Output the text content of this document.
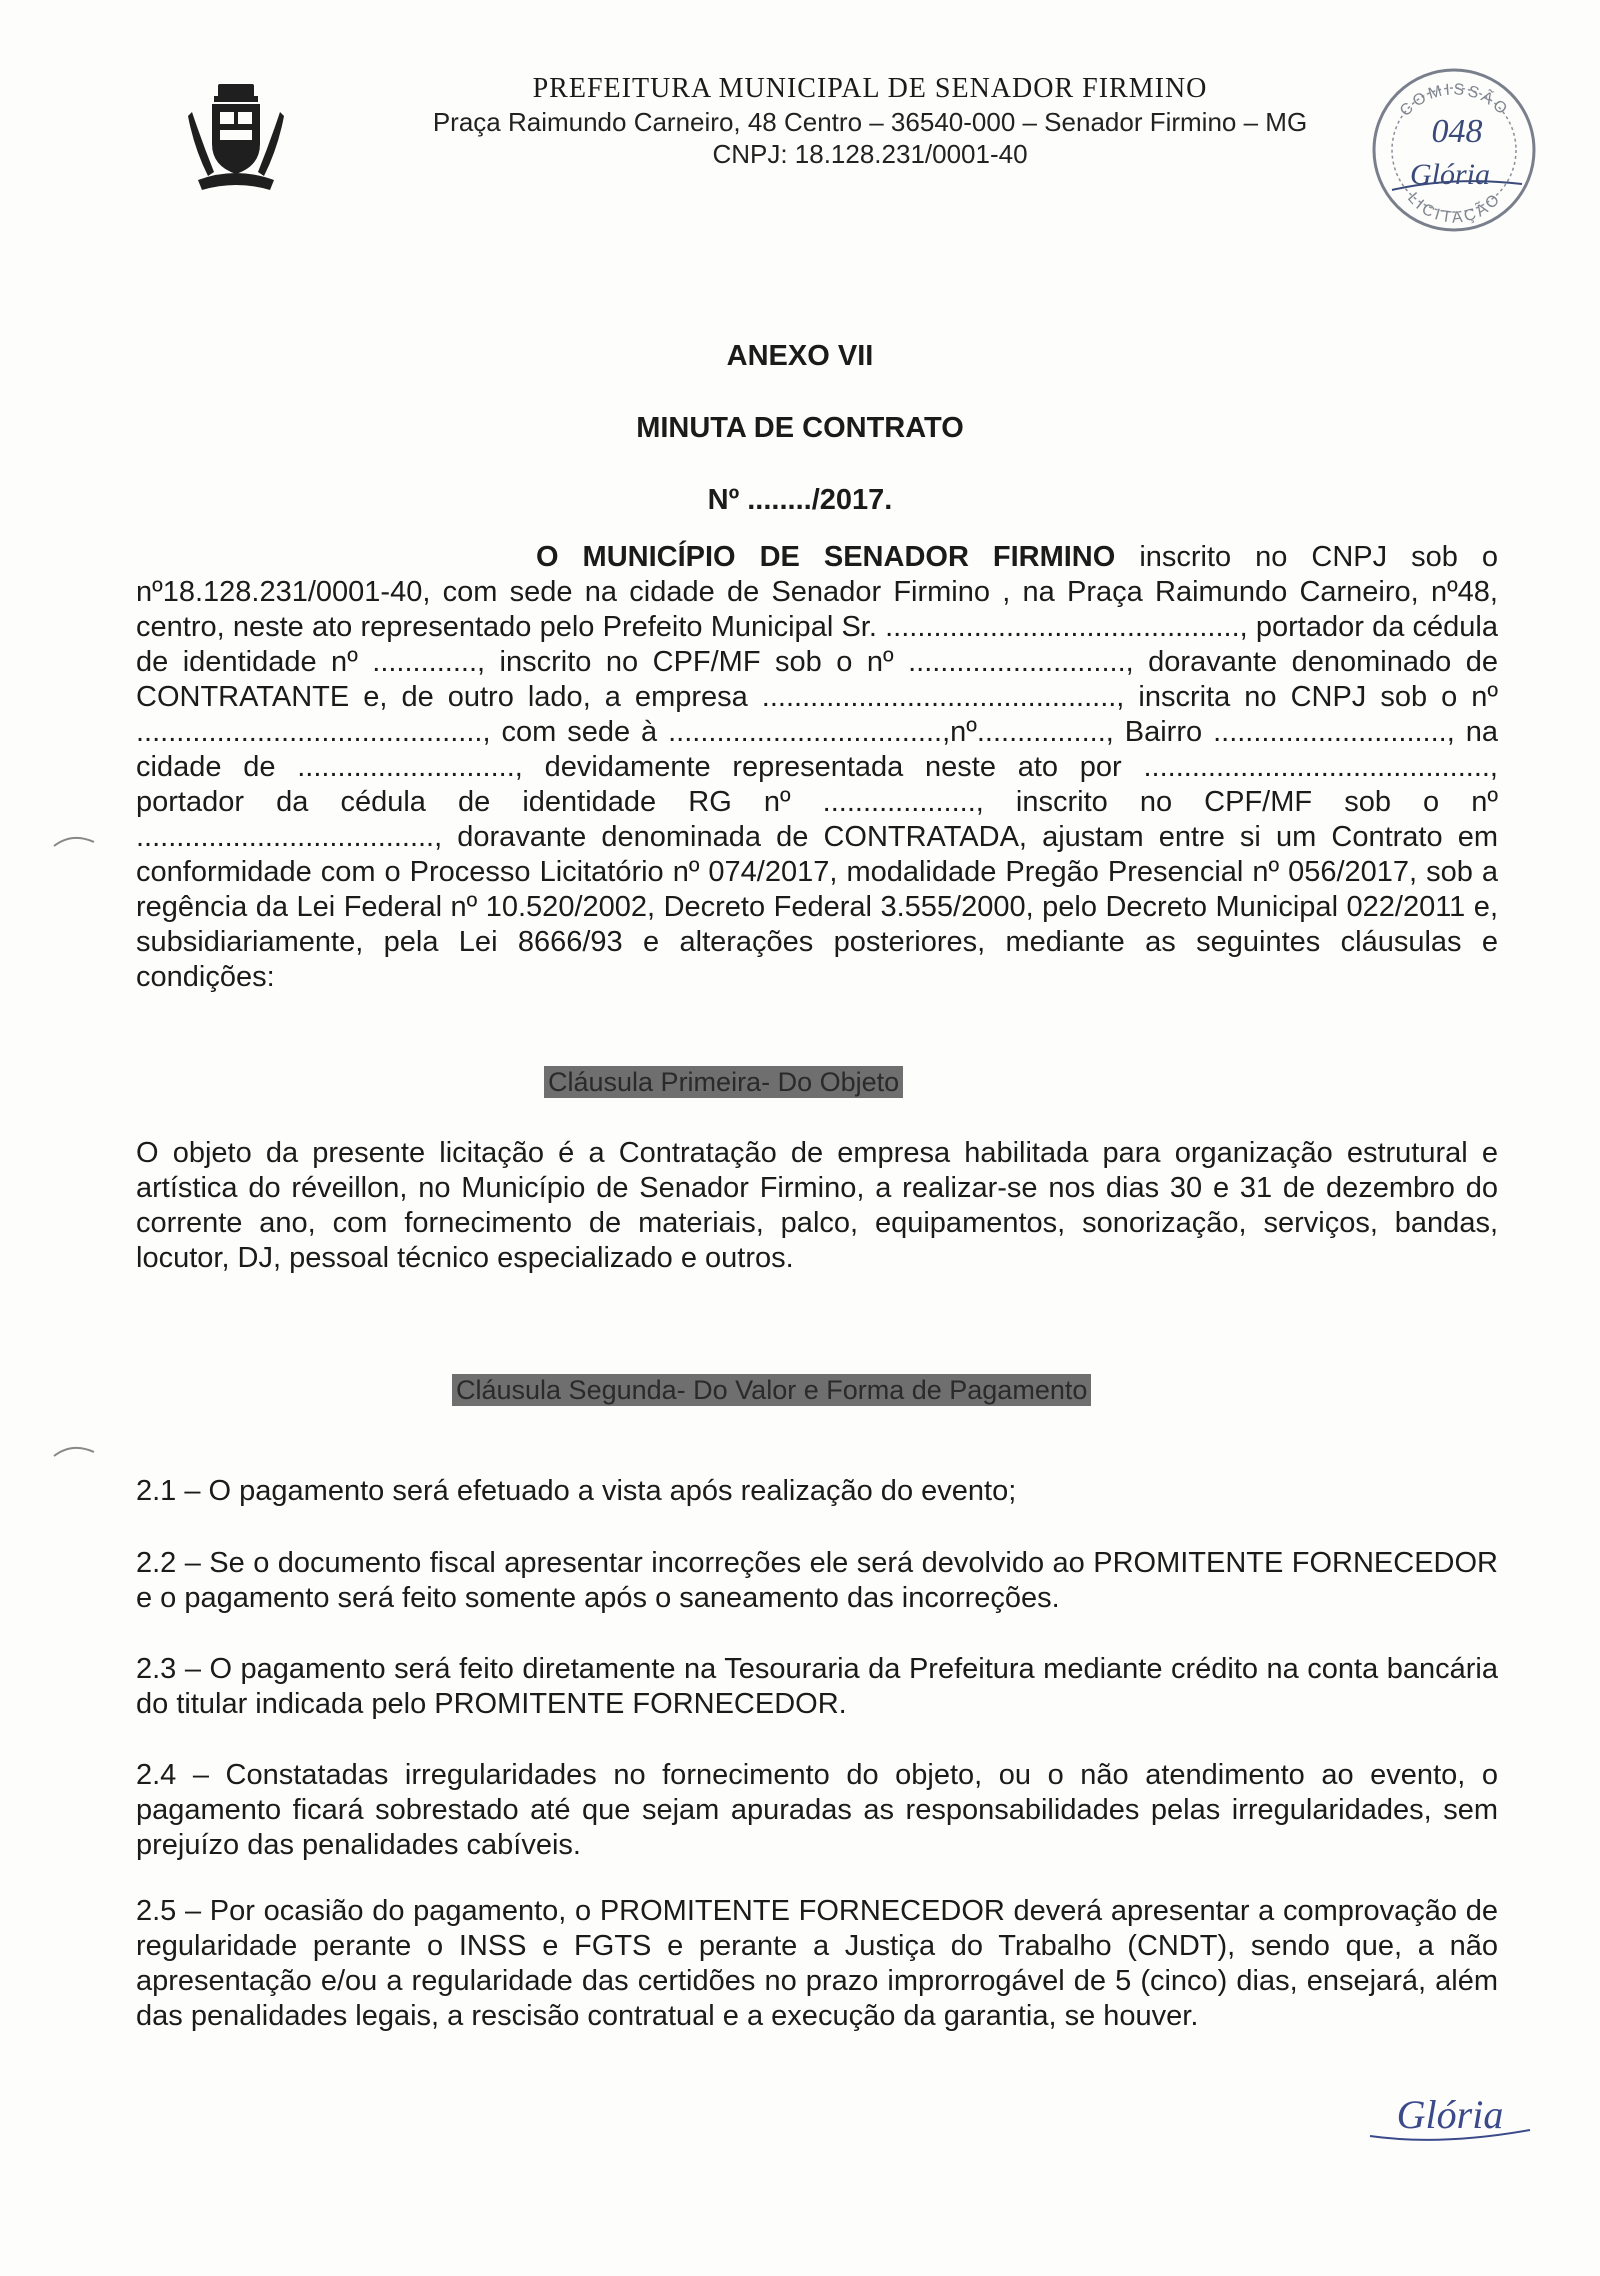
PREFEITURA MUNICIPAL DE SENADOR FIRMINO
Praça Raimundo Carneiro, 48 Centro – 36540-000 – Senador Firmino – MG
CNPJ: 18.128.231/0001-40
COMISSÃO
LICITAÇÃO
048
Glória
ANEXO VII
MINUTA DE CONTRATO
Nº ......../2017.

O MUNICÍPIO DE SENADOR FIRMINO inscrito no CNPJ sob o nº18.128.231/0001-40, com sede na cidade de Senador Firmino , na Praça Raimundo Carneiro, nº48, centro, neste ato representado pelo Prefeito Municipal Sr. ............................................, portador da cédula de identidade nº ............., inscrito no CPF/MF sob o nº ..........................., doravante denominado de CONTRATANTE e, de outro lado, a empresa ............................................, inscrita no CNPJ sob o nº ..........................................., com sede à ..................................,nº................, Bairro ............................., na cidade de ..........................., devidamente representada neste ato por ..........................................., portador da cédula de identidade RG nº ..................., inscrito no CPF/MF sob o nº ....................................., doravante denominada de CONTRATADA, ajustam entre si um Contrato em conformidade com o Processo Licitatório nº 074/2017, modalidade Pregão Presencial nº 056/2017, sob a regência da Lei Federal nº 10.520/2002, Decreto Federal 3.555/2000, pelo Decreto Municipal 022/2011 e, subsidiariamente, pela Lei 8666/93 e alterações posteriores, mediante as seguintes cláusulas e condições:

Cláusula Primeira- Do Objeto

O objeto da presente licitação é a Contratação de empresa habilitada para organização estrutural e artística do réveillon, no Município de Senador Firmino, a realizar-se nos dias 30 e 31 de dezembro do corrente ano, com fornecimento de materiais, palco, equipamentos, sonorização, serviços, bandas, locutor, DJ, pessoal técnico especializado e outros.

Cláusula Segunda- Do Valor e Forma de Pagamento

2.1 – O pagamento será efetuado a vista após realização do evento;

2.2 – Se o documento fiscal apresentar incorreções ele será devolvido ao PROMITENTE FORNECEDOR e o pagamento será feito somente após o saneamento das incorreções.

2.3 – O pagamento será feito diretamente na Tesouraria da Prefeitura mediante crédito na conta bancária do titular indicada pelo PROMITENTE FORNECEDOR.

2.4 – Constatadas irregularidades no fornecimento do objeto, ou o não atendimento ao evento, o pagamento ficará sobrestado até que sejam apuradas as responsabilidades pelas irregularidades, sem prejuízo das penalidades cabíveis.

2.5 – Por ocasião do pagamento, o PROMITENTE FORNECEDOR deverá apresentar a comprovação de regularidade perante o INSS e FGTS e perante a Justiça do Trabalho (CNDT), sendo que, a não apresentação e/ou a regularidade das certidões no prazo improrrogável de 5 (cinco) dias, ensejará, além das penalidades legais, a rescisão contratual e a execução da garantia, se houver.

Glória
